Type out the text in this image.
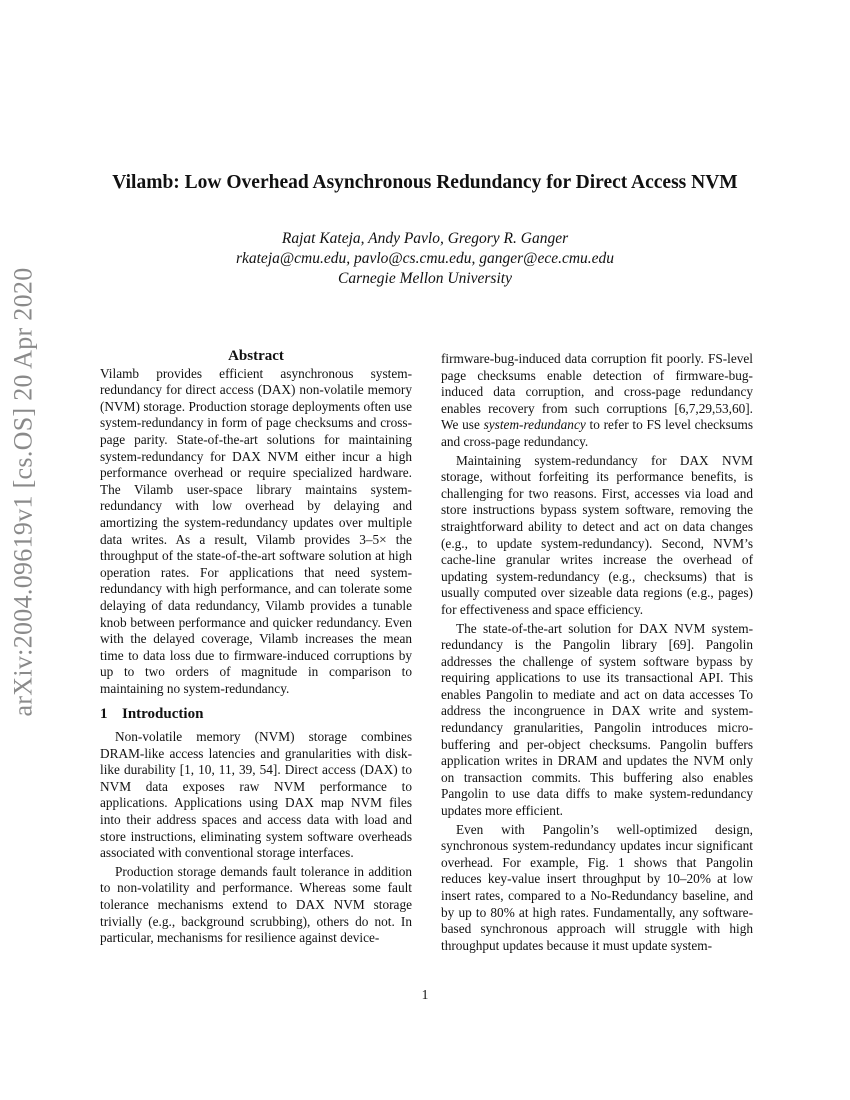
arXiv:2004.09619v1 [cs.OS] 20 Apr 2020
Vilamb: Low Overhead Asynchronous Redundancy for Direct Access NVM
Rajat Kateja, Andy Pavlo, Gregory R. Ganger
rkateja@cmu.edu, pavlo@cs.cmu.edu, ganger@ece.cmu.edu
Carnegie Mellon University
Abstract

Vilamb provides efficient asynchronous system-redundancy for direct access (DAX) non-volatile memory (NVM) storage. Production storage deployments often use system-redundancy in form of page checksums and cross-page parity. State-of-the-art solutions for maintaining system-redundancy for DAX NVM either incur a high performance overhead or require specialized hardware. The Vilamb user-space library maintains system-redundancy with low overhead by delaying and amortizing the system-redundancy updates over multiple data writes. As a result, Vilamb provides 3–5× the throughput of the state-of-the-art software solution at high operation rates. For applications that need system-redundancy with high performance, and can tolerate some delaying of data redundancy, Vilamb provides a tunable knob between performance and quicker redundancy. Even with the delayed coverage, Vilamb increases the mean time to data loss due to firmware-induced corruptions by up to two orders of magnitude in comparison to maintaining no system-redundancy.

1 Introduction

Non-volatile memory (NVM) storage combines DRAM-like access latencies and granularities with disk-like durability [1, 10, 11, 39, 54]. Direct access (DAX) to NVM data exposes raw NVM performance to applications. Applications using DAX map NVM files into their address spaces and access data with load and store instructions, eliminating system software overheads associated with conventional storage interfaces.

Production storage demands fault tolerance in addition to non-volatility and performance. Whereas some fault tolerance mechanisms extend to DAX NVM storage trivially (e.g., background scrubbing), others do not. In particular, mechanisms for resilience against device-

firmware-bug-induced data corruption fit poorly. FS-level page checksums enable detection of firmware-bug-induced data corruption, and cross-page redundancy enables recovery from such corruptions [6,7,29,53,60]. We use system-redundancy to refer to FS level checksums and cross-page redundancy.

Maintaining system-redundancy for DAX NVM storage, without forfeiting its performance benefits, is challenging for two reasons. First, accesses via load and store instructions bypass system software, removing the straightforward ability to detect and act on data changes (e.g., to update system-redundancy). Second, NVM’s cache-line granular writes increase the overhead of updating system-redundancy (e.g., checksums) that is usually computed over sizeable data regions (e.g., pages) for effectiveness and space efficiency.

The state-of-the-art solution for DAX NVM system-redundancy is the Pangolin library [69]. Pangolin addresses the challenge of system software bypass by requiring applications to use its transactional API. This enables Pangolin to mediate and act on data accesses To address the incongruence in DAX write and system-redundancy granularities, Pangolin introduces micro-buffering and per-object checksums. Pangolin buffers application writes in DRAM and updates the NVM only on transaction commits. This buffering also enables Pangolin to use data diffs to make system-redundancy updates more efficient.

Even with Pangolin’s well-optimized design, synchronous system-redundancy updates incur significant overhead. For example, Fig. 1 shows that Pangolin reduces key-value insert throughput by 10–20% at low insert rates, compared to a No-Redundancy baseline, and by up to 80% at high rates. Fundamentally, any software-based synchronous approach will struggle with high throughput updates because it must update system-

1
